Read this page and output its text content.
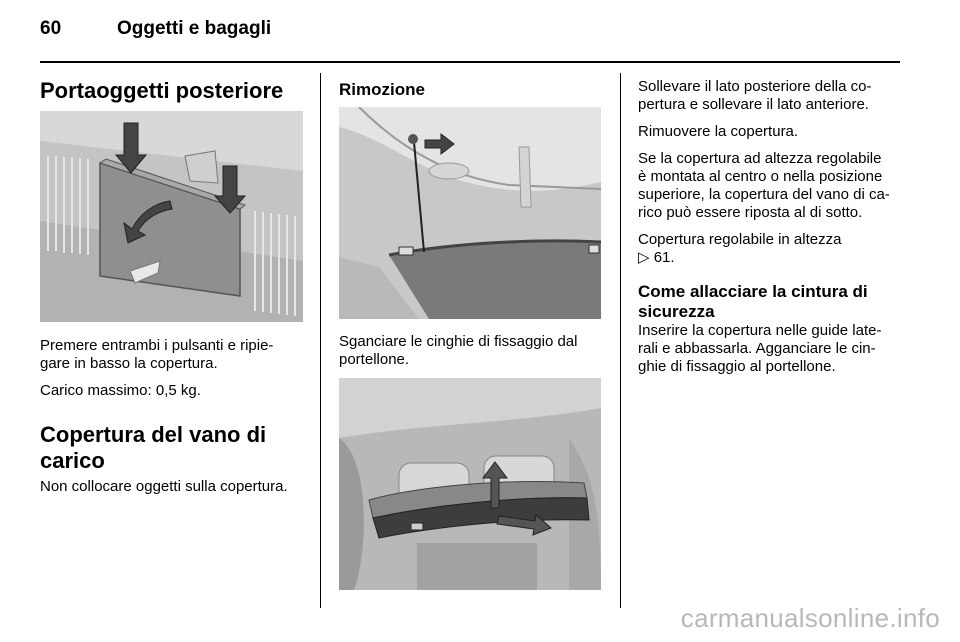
60	Oggetti e bagagli
Portaoggetti posteriore

Premere entrambi i pulsanti e ripie-
gare in basso la copertura.

Carico massimo: 0,5 kg.

Copertura del vano di
carico

Non collocare oggetti sulla copertura.

Rimozione

Sganciare le cinghie di fissaggio dal
portellone.

Sollevare il lato posteriore della co-
pertura e sollevare il lato anteriore.

Rimuovere la copertura.

Se la copertura ad altezza regolabile
è montata al centro o nella posizione
superiore, la copertura del vano di ca-
rico può essere riposta al di sotto.

Copertura regolabile in altezza
▷ 61.

Come allacciare la cintura di
sicurezza

Inserire la copertura nelle guide late-
rali e abbassarla. Agganciare le cin-
ghie di fissaggio al portellone.

carmanualsonline.info
